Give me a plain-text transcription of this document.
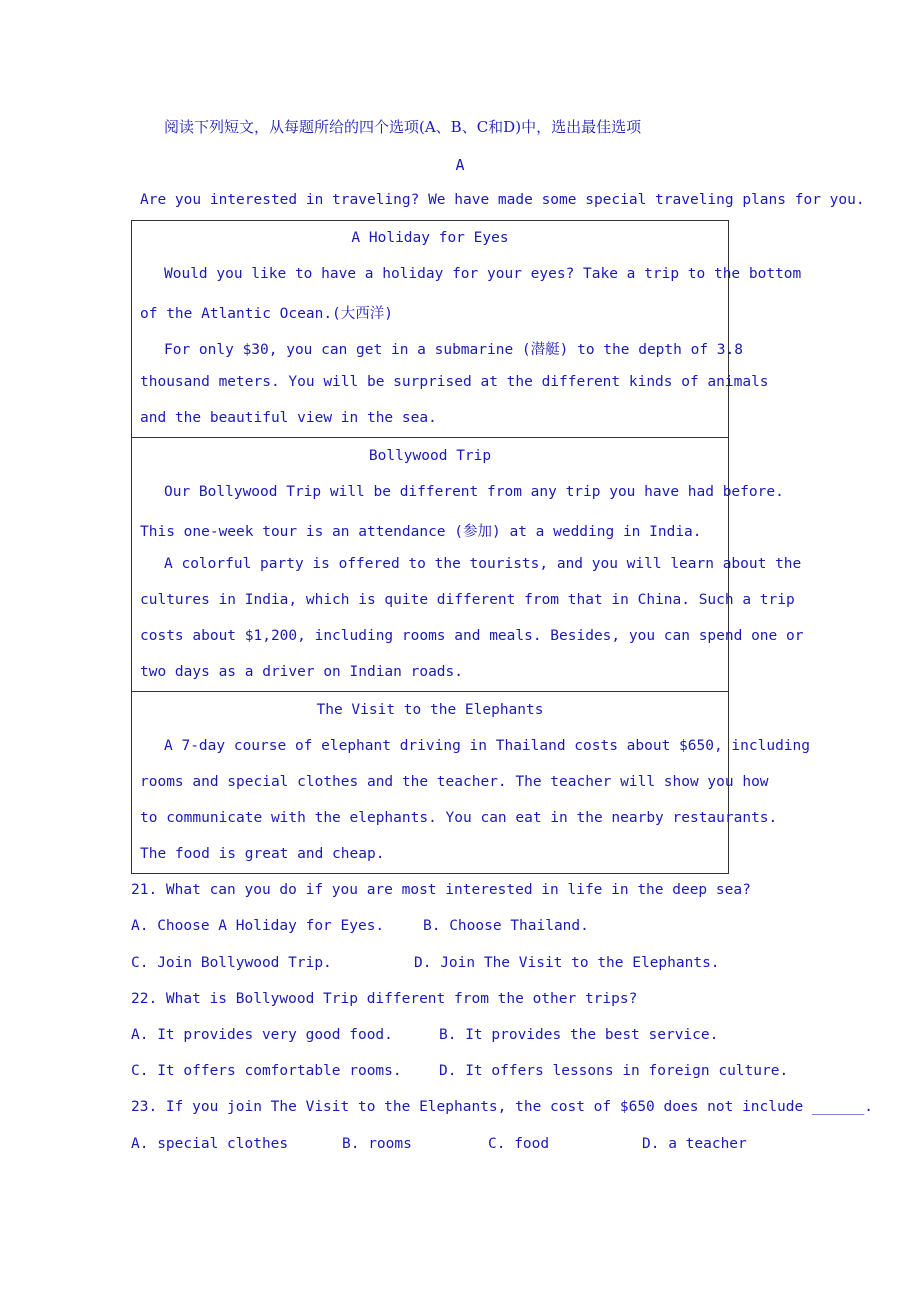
阅读下列短文，从每题所给的四个选项(A、B、C和D)中，选出最佳选项
A
Are you interested in traveling? We have made some special traveling plans for you.
A Holiday for Eyes
Would you like to have a holiday for your eyes? Take a trip to the bottom
of the Atlantic Ocean.(大西洋)
For only $30, you can get in a submarine (潜艇) to the depth of 3.8
thousand meters. You will be surprised at the different kinds of animals
and the beautiful view in the sea.
Bollywood Trip
Our Bollywood Trip will be different from any trip you have had before.
This one-week tour is an attendance (参加) at a wedding in India.
A colorful party is offered to the tourists, and you will learn about the
cultures in India, which is quite different from that in China. Such a trip
costs about $1,200, including rooms and meals. Besides, you can spend one or
two days as a driver on Indian roads.
The Visit to the Elephants
A 7-day course of elephant driving in Thailand costs about $650, including
rooms and special clothes and the teacher. The teacher will show you how
to communicate with the elephants. You can eat in the nearby restaurants.
The food is great and cheap.
21. What can you do if you are most interested in life in the deep sea?
A. Choose A Holiday for Eyes.	B. Choose Thailand.
C. Join Bollywood Trip.	D. Join The Visit to the Elephants.
22. What is Bollywood Trip different from the other trips?
A. It provides very good food.	B. It provides the best service.
C. It offers comfortable rooms.	D. It offers lessons in foreign culture.
23. If you join The Visit to the Elephants, the cost of $650 does not include ______.
A. special clothes	B. rooms	C. food	D. a teacher
